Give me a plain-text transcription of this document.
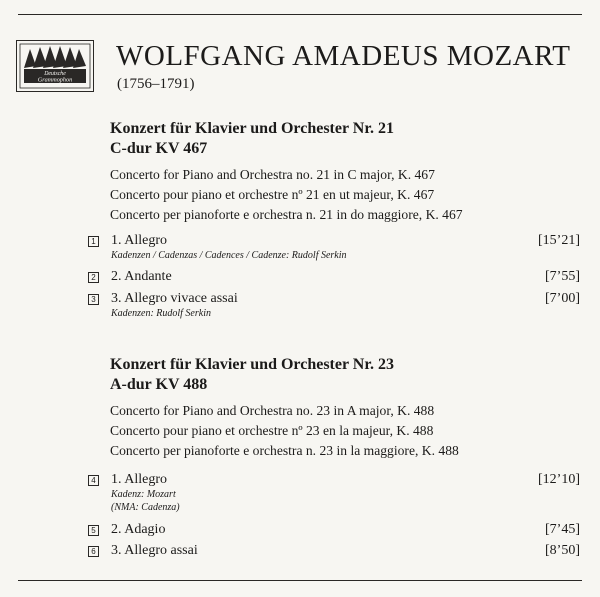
Deutsche
Grammophon
WOLFGANG AMADEUS MOZART
(1756–1791)
Konzert für Klavier und Orchester Nr. 21
C-dur KV 467
Concerto for Piano and Orchestra no. 21 in C major, K. 467
Concerto pour piano et orchestre nº 21 en ut majeur, K. 467
Concerto per pianoforte e orchestra n. 21 in do maggiore, K. 467
1 1. Allegro	[15’21]
Kadenzen / Cadenzas / Cadences / Cadenze: Rudolf Serkin
2 2. Andante	[7’55]
3 3. Allegro vivace assai	[7’00]
Kadenzen: Rudolf Serkin
Konzert für Klavier und Orchester Nr. 23
A-dur KV 488
Concerto for Piano and Orchestra no. 23 in A major, K. 488
Concerto pour piano et orchestre nº 23 en la majeur, K. 488
Concerto per pianoforte e orchestra n. 23 in la maggiore, K. 488
4 1. Allegro	[12’10]
Kadenz: Mozart
(NMA: Cadenza)
5 2. Adagio	[7’45]
6 3. Allegro assai	[8’50]
